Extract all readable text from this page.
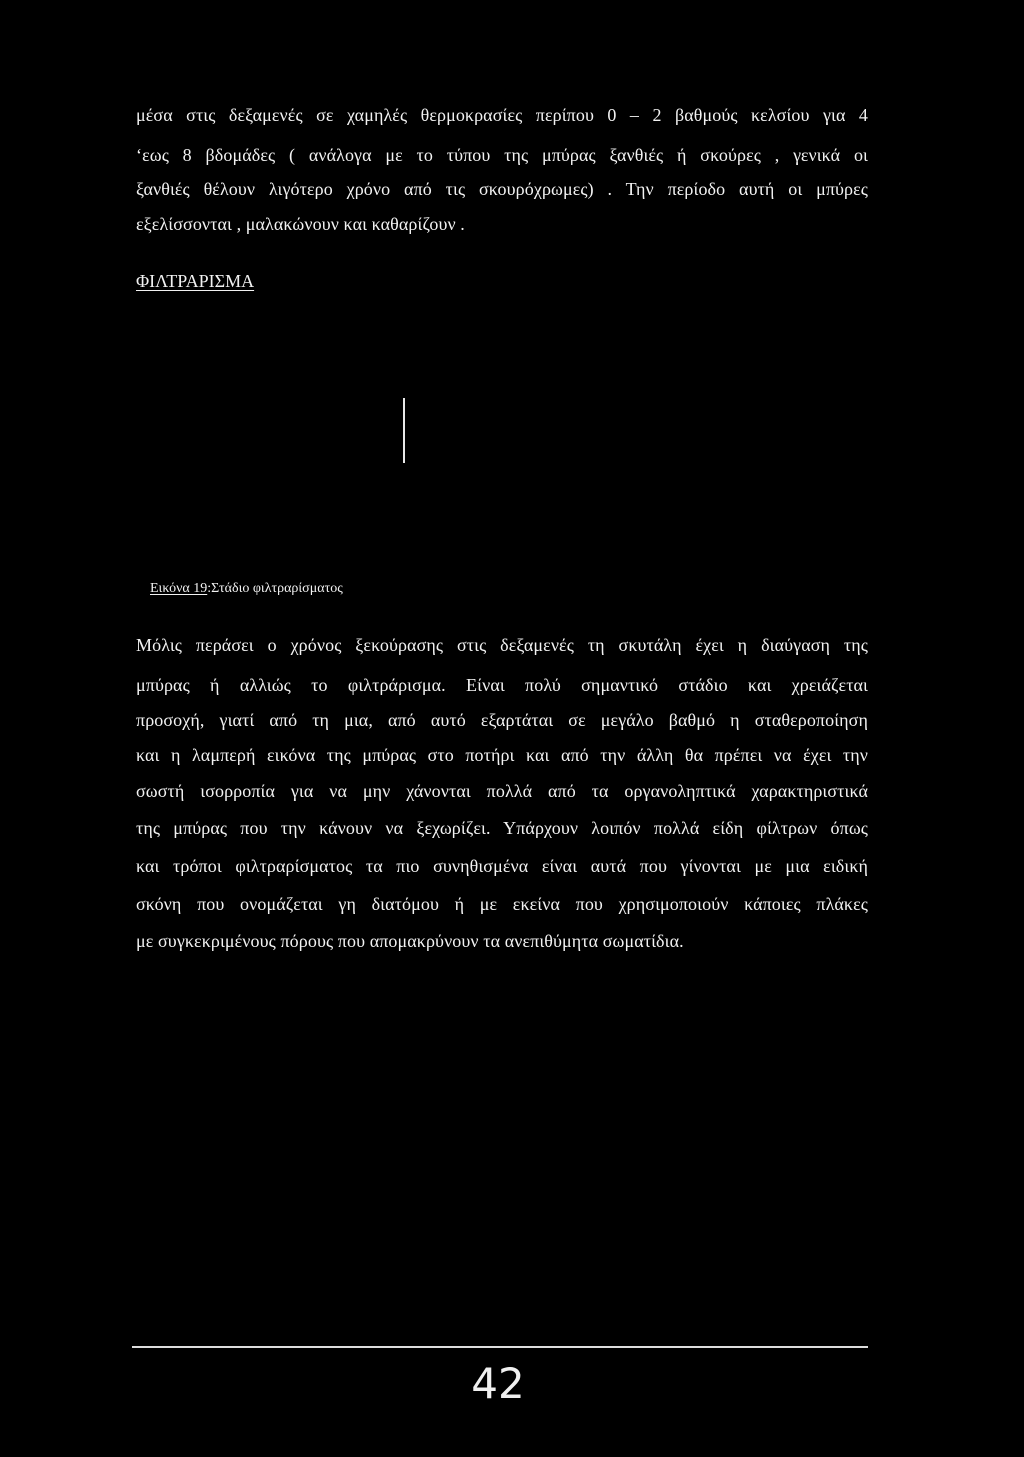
μέσα στις δεξαμενές σε χαμηλές θερμοκρασίες περίπου 0 – 2 βαθμούς κελσίου για 4
‘εως 8 βδομάδες ( ανάλογα με το τύπου της μπύρας ξανθιές ή σκούρες , γενικά οι
ξανθιές θέλουν λιγότερο χρόνο από τις σκουρόχρωμες) . Την περίοδο αυτή οι μπύρες
εξελίσσονται , μαλακώνουν και καθαρίζουν .
ΦΙΛΤΡΑΡΙΣΜΑ
Εικόνα 19:Στάδιο φιλτραρίσματος
Μόλις περάσει ο χρόνος ξεκούρασης στις δεξαμενές τη σκυτάλη έχει η διαύγαση της
μπύρας ή αλλιώς το φιλτράρισμα. Είναι πολύ σημαντικό στάδιο και χρειάζεται
προσοχή, γιατί από τη μια, από αυτό εξαρτάται σε μεγάλο βαθμό η σταθεροποίηση
και η λαμπερή εικόνα της μπύρας στο ποτήρι και από την άλλη θα πρέπει να έχει την
σωστή ισορροπία για να μην χάνονται πολλά από τα οργανοληπτικά χαρακτηριστικά
της μπύρας που την κάνουν να ξεχωρίζει. Υπάρχουν λοιπόν πολλά είδη φίλτρων όπως
και τρόποι φιλτραρίσματος τα πιο συνηθισμένα είναι αυτά που γίνονται με μια ειδική
σκόνη που ονομάζεται γη διατόμου ή με εκείνα που χρησιμοποιούν κάποιες πλάκες
με συγκεκριμένους πόρους που απομακρύνουν τα ανεπιθύμητα σωματίδια.
42
